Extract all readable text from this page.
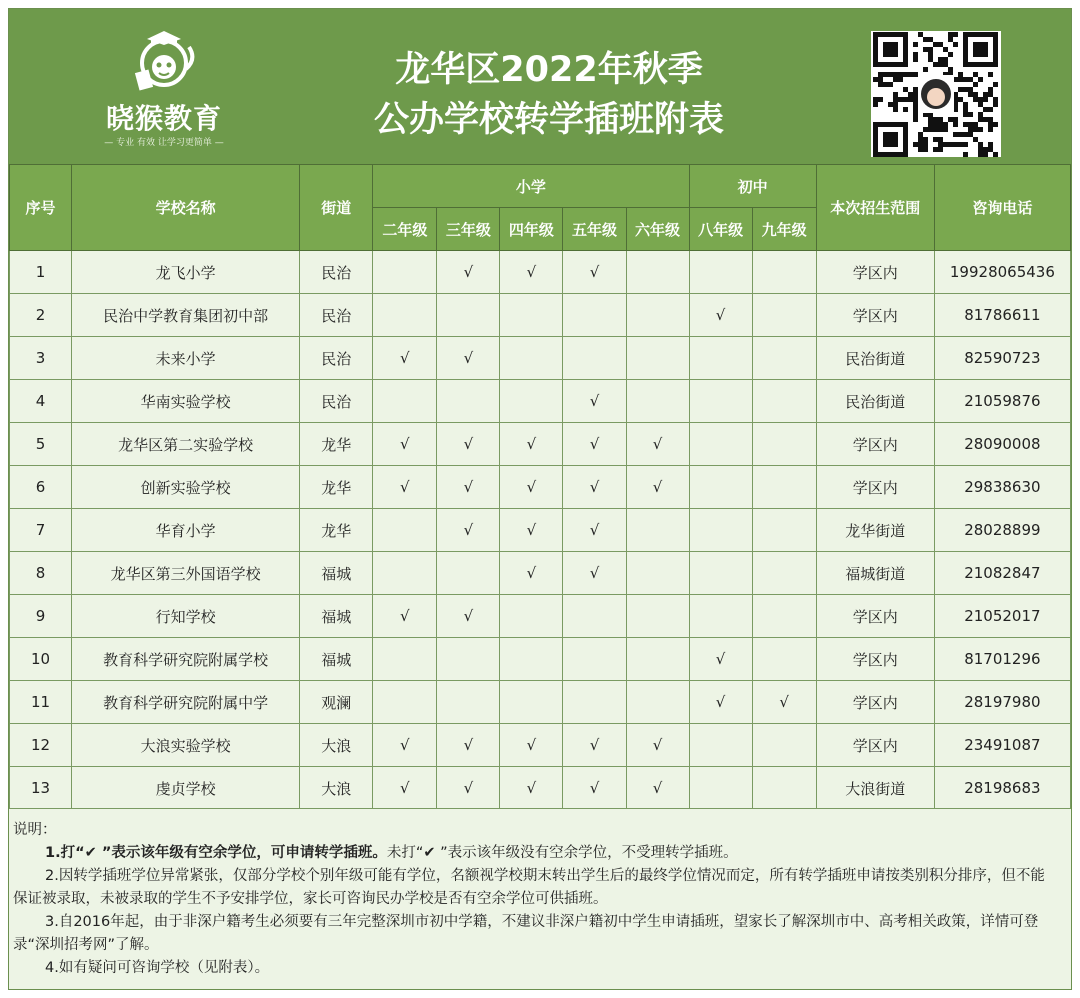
晓猴教育
— 专业 有效 让学习更简单 —
龙华区2022年秋季
公办学校转学插班附表
序号	学校名称	街道	小学					初中		本次招生范围	咨询电话
			二年级	三年级	四年级	五年级	六年级	八年级	九年级		
1	龙飞小学	民治		√	√	√				学区内	19928065436
2	民治中学教育集团初中部	民治						√		学区内	81786611
3	未来小学	民治	√	√						民治街道	82590723
4	华南实验学校	民治				√				民治街道	21059876
5	龙华区第二实验学校	龙华	√	√	√	√	√			学区内	28090008
6	创新实验学校	龙华	√	√	√	√	√			学区内	29838630
7	华育小学	龙华		√	√	√				龙华街道	28028899
8	龙华区第三外国语学校	福城			√	√				福城街道	21082847
9	行知学校	福城	√	√						学区内	21052017
10	教育科学研究院附属学校	福城						√		学区内	81701296
11	教育科学研究院附属中学	观澜						√	√	学区内	28197980
12	大浪实验学校	大浪	√	√	√	√	√			学区内	23491087
13	虔贞学校	大浪	√	√	√	√	√			大浪街道	28198683

说明：

1.打“✔ ”表示该年级有空余学位，可申请转学插班。未打“✔ ”表示该年级没有空余学位，不受理转学插班。

2.因转学插班学位异常紧张，仅部分学校个别年级可能有学位，名额视学校期末转出学生后的最终学位情况而定，所有转学插班申请按类别积分排序，但不能保证被录取，未被录取的学生不予安排学位，家长可咨询民办学校是否有空余学位可供插班。

3.自2016年起，由于非深户籍考生必须要有三年完整深圳市初中学籍，不建议非深户籍初中学生申请插班，望家长了解深圳市中、高考相关政策，详情可登录“深圳招考网”了解。

4.如有疑问可咨询学校（见附表）。
